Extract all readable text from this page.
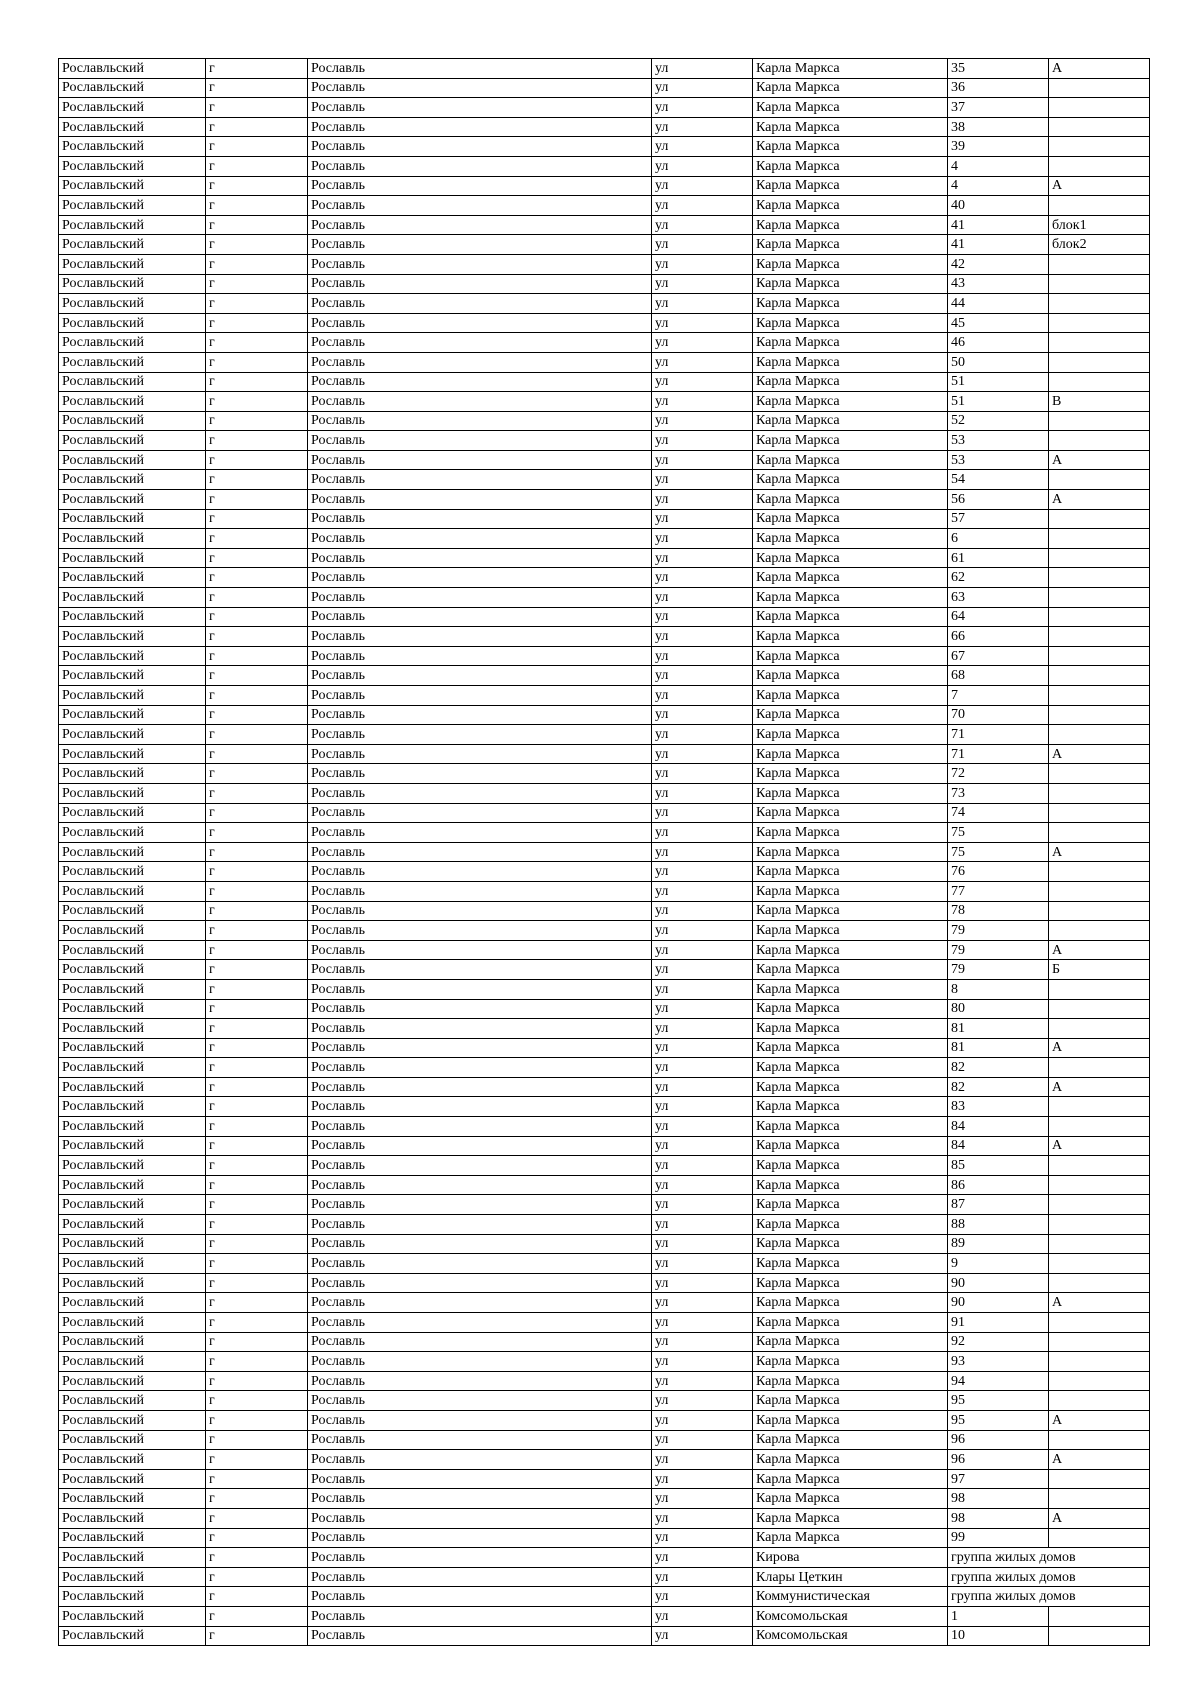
Рославльский	г	Рославль	ул	Карла Маркса	35	А
Рославльский	г	Рославль	ул	Карла Маркса	36	
Рославльский	г	Рославль	ул	Карла Маркса	37	
Рославльский	г	Рославль	ул	Карла Маркса	38	
Рославльский	г	Рославль	ул	Карла Маркса	39	
Рославльский	г	Рославль	ул	Карла Маркса	4	
Рославльский	г	Рославль	ул	Карла Маркса	4	А
Рославльский	г	Рославль	ул	Карла Маркса	40	
Рославльский	г	Рославль	ул	Карла Маркса	41	блок1
Рославльский	г	Рославль	ул	Карла Маркса	41	блок2
Рославльский	г	Рославль	ул	Карла Маркса	42	
Рославльский	г	Рославль	ул	Карла Маркса	43	
Рославльский	г	Рославль	ул	Карла Маркса	44	
Рославльский	г	Рославль	ул	Карла Маркса	45	
Рославльский	г	Рославль	ул	Карла Маркса	46	
Рославльский	г	Рославль	ул	Карла Маркса	50	
Рославльский	г	Рославль	ул	Карла Маркса	51	
Рославльский	г	Рославль	ул	Карла Маркса	51	В
Рославльский	г	Рославль	ул	Карла Маркса	52	
Рославльский	г	Рославль	ул	Карла Маркса	53	
Рославльский	г	Рославль	ул	Карла Маркса	53	А
Рославльский	г	Рославль	ул	Карла Маркса	54	
Рославльский	г	Рославль	ул	Карла Маркса	56	А
Рославльский	г	Рославль	ул	Карла Маркса	57	
Рославльский	г	Рославль	ул	Карла Маркса	6	
Рославльский	г	Рославль	ул	Карла Маркса	61	
Рославльский	г	Рославль	ул	Карла Маркса	62	
Рославльский	г	Рославль	ул	Карла Маркса	63	
Рославльский	г	Рославль	ул	Карла Маркса	64	
Рославльский	г	Рославль	ул	Карла Маркса	66	
Рославльский	г	Рославль	ул	Карла Маркса	67	
Рославльский	г	Рославль	ул	Карла Маркса	68	
Рославльский	г	Рославль	ул	Карла Маркса	7	
Рославльский	г	Рославль	ул	Карла Маркса	70	
Рославльский	г	Рославль	ул	Карла Маркса	71	
Рославльский	г	Рославль	ул	Карла Маркса	71	А
Рославльский	г	Рославль	ул	Карла Маркса	72	
Рославльский	г	Рославль	ул	Карла Маркса	73	
Рославльский	г	Рославль	ул	Карла Маркса	74	
Рославльский	г	Рославль	ул	Карла Маркса	75	
Рославльский	г	Рославль	ул	Карла Маркса	75	А
Рославльский	г	Рославль	ул	Карла Маркса	76	
Рославльский	г	Рославль	ул	Карла Маркса	77	
Рославльский	г	Рославль	ул	Карла Маркса	78	
Рославльский	г	Рославль	ул	Карла Маркса	79	
Рославльский	г	Рославль	ул	Карла Маркса	79	А
Рославльский	г	Рославль	ул	Карла Маркса	79	Б
Рославльский	г	Рославль	ул	Карла Маркса	8	
Рославльский	г	Рославль	ул	Карла Маркса	80	
Рославльский	г	Рославль	ул	Карла Маркса	81	
Рославльский	г	Рославль	ул	Карла Маркса	81	А
Рославльский	г	Рославль	ул	Карла Маркса	82	
Рославльский	г	Рославль	ул	Карла Маркса	82	А
Рославльский	г	Рославль	ул	Карла Маркса	83	
Рославльский	г	Рославль	ул	Карла Маркса	84	
Рославльский	г	Рославль	ул	Карла Маркса	84	А
Рославльский	г	Рославль	ул	Карла Маркса	85	
Рославльский	г	Рославль	ул	Карла Маркса	86	
Рославльский	г	Рославль	ул	Карла Маркса	87	
Рославльский	г	Рославль	ул	Карла Маркса	88	
Рославльский	г	Рославль	ул	Карла Маркса	89	
Рославльский	г	Рославль	ул	Карла Маркса	9	
Рославльский	г	Рославль	ул	Карла Маркса	90	
Рославльский	г	Рославль	ул	Карла Маркса	90	А
Рославльский	г	Рославль	ул	Карла Маркса	91	
Рославльский	г	Рославль	ул	Карла Маркса	92	
Рославльский	г	Рославль	ул	Карла Маркса	93	
Рославльский	г	Рославль	ул	Карла Маркса	94	
Рославльский	г	Рославль	ул	Карла Маркса	95	
Рославльский	г	Рославль	ул	Карла Маркса	95	А
Рославльский	г	Рославль	ул	Карла Маркса	96	
Рославльский	г	Рославль	ул	Карла Маркса	96	А
Рославльский	г	Рославль	ул	Карла Маркса	97	
Рославльский	г	Рославль	ул	Карла Маркса	98	
Рославльский	г	Рославль	ул	Карла Маркса	98	А
Рославльский	г	Рославль	ул	Карла Маркса	99	
Рославльский	г	Рославль	ул	Кирова	группа жилых домов	
Рославльский	г	Рославль	ул	Клары Цеткин	группа жилых домов	
Рославльский	г	Рославль	ул	Коммунистическая	группа жилых домов	
Рославльский	г	Рославль	ул	Комсомольская	1	
Рославльский	г	Рославль	ул	Комсомольская	10	
